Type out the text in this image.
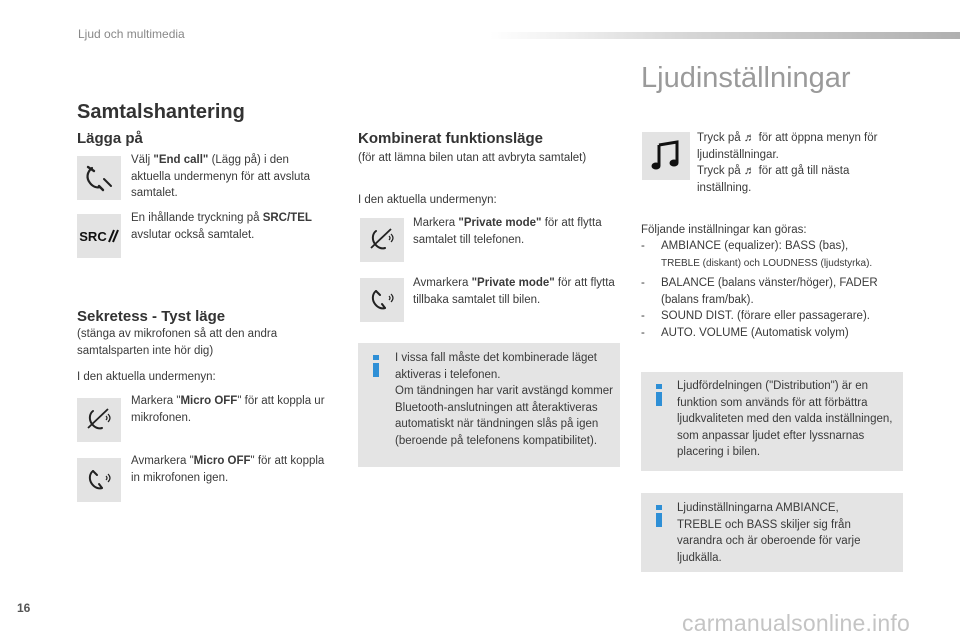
Ljud och multimedia
Ljudinställningar
Samtalshantering
Lägga på
Välj "End call" (Lägg på) i den aktuella undermenyn för att avsluta samtalet.
SRC
En ihållande tryckning på SRC/TEL avslutar också samtalet.
Sekretess - Tyst läge
(stänga av mikrofonen så att den andra samtalsparten inte hör dig)
I den aktuella undermenyn:
Markera "Micro OFF" för att koppla ur mikrofonen.
Avmarkera "Micro OFF" för att koppla in mikrofonen igen.
Kombinerat funktionsläge
(för att lämna bilen utan att avbryta samtalet)
I den aktuella undermenyn:
Markera "Private mode" för att flytta samtalet till telefonen.
Avmarkera "Private mode" för att flytta tillbaka samtalet till bilen.
I vissa fall måste det kombinerade läget aktiveras i telefonen.
Om tändningen har varit avstängd kommer Bluetooth-anslutningen att återaktiveras automatiskt när tändningen slås på igen (beroende på telefonens kompatibilitet).
Tryck på ♬ för att öppna menyn för ljudinställningar.
Tryck på ♬ för att gå till nästa inställning.
Följande inställningar kan göras:
-	AMBIANCE (equalizer): BASS (bas),
TREBLE (diskant) och LOUDNESS (ljudstyrka).
-	BALANCE (balans vänster/höger), FADER (balans fram/bak).
-	SOUND DIST. (förare eller passagerare).
-	AUTO. VOLUME (Automatisk volym)
Ljudfördelningen ("Distribution") är en funktion som används för att förbättra ljudkvaliteten med den valda inställningen, som anpassar ljudet efter lyssnarnas placering i bilen.
Ljudinställningarna AMBIANCE, TREBLE och BASS skiljer sig från varandra och är oberoende för varje ljudkälla.
16
carmanualsonline.info
